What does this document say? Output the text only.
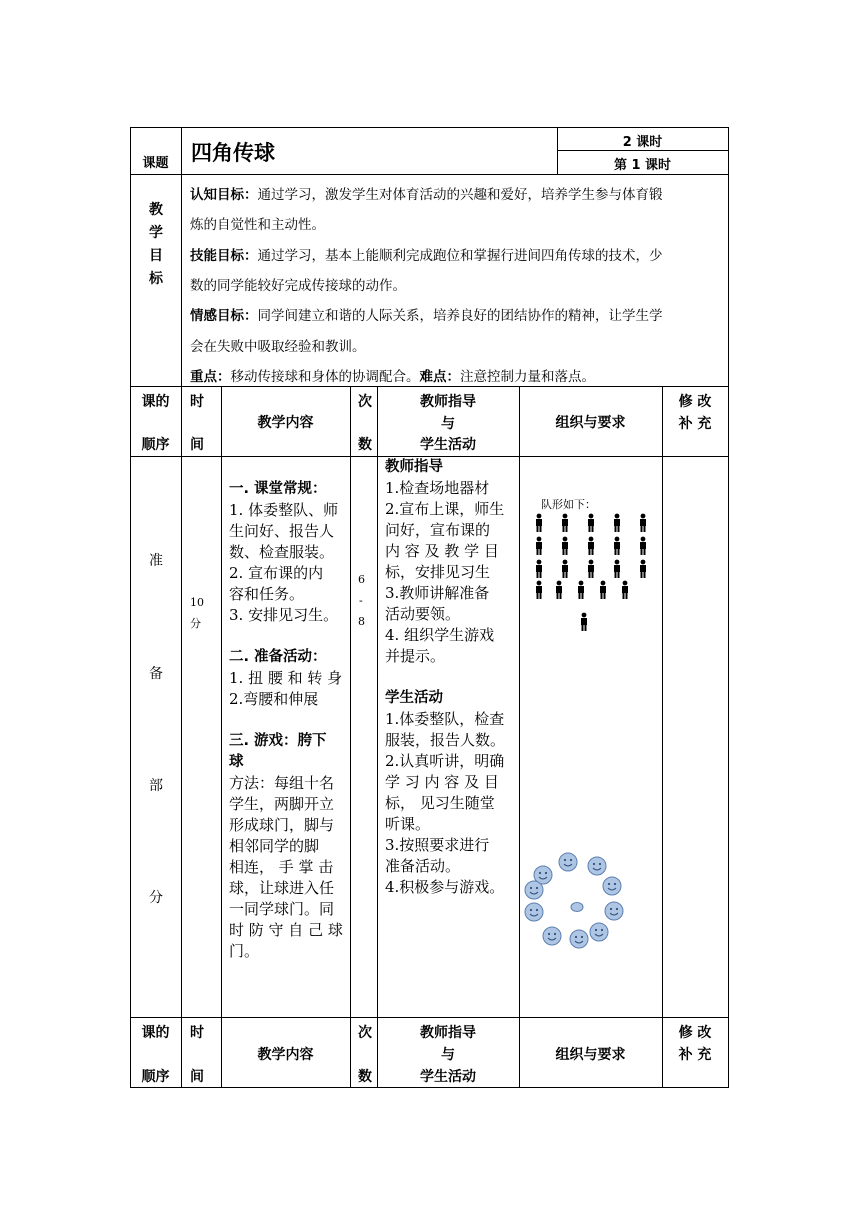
课题	四角传球	2 课时
第 1 课时
教
学
目
标
认知目标：通过学习，激发学生对体育活动的兴趣和爱好，培养学生参与体育锻
炼的自觉性和主动性。
技能目标：通过学习，基本上能顺利完成跑位和掌握行进间四角传球的技术，少
数的同学能较好完成传接球的动作。
情感目标：同学间建立和谐的人际关系，培养良好的团结协作的精神，让学生学
会在失败中吸取经验和教训。
重点：移动传接球和身体的协调配合。难点：注意控制力量和落点。
课的
顺序
时
间
教学内容
次
数
教师指导
与
学生活动
组织与要求
修 改
补 充
准
备
部
分
10
分
6
-
8
一. 课堂常规：
1. 体委整队、师
生问好、报告人
数、检查服装。
2. 宣布课的内
容和任务。
3. 安排见习生。

二. 准备活动：
1. 扭 腰 和 转 身
2.弯腰和伸展

三. 游戏：胯下
球
方法：每组十名
学生，两脚开立
形成球门，脚与
相邻同学的脚
相连， 手 掌 击
球，让球进入任
一同学球门。同
时 防 守 自 己 球
门。
教师指导
1.检查场地器材
2.宣布上课，师生
问好，宣布课的
内 容 及 教 学 目
标，安排见习生
3.教师讲解准备
活动要领。
4. 组织学生游戏
并提示。

学生活动
1.体委整队，检查
服装，报告人数。
2.认真听讲，明确
学 习 内 容 及 目
标， 见习生随堂
听课。
3.按照要求进行
准备活动。
4.积极参与游戏。
队形如下：
课的
顺序
时
间
教学内容
次
数
教师指导
与
学生活动
组织与要求
修 改
补 充
